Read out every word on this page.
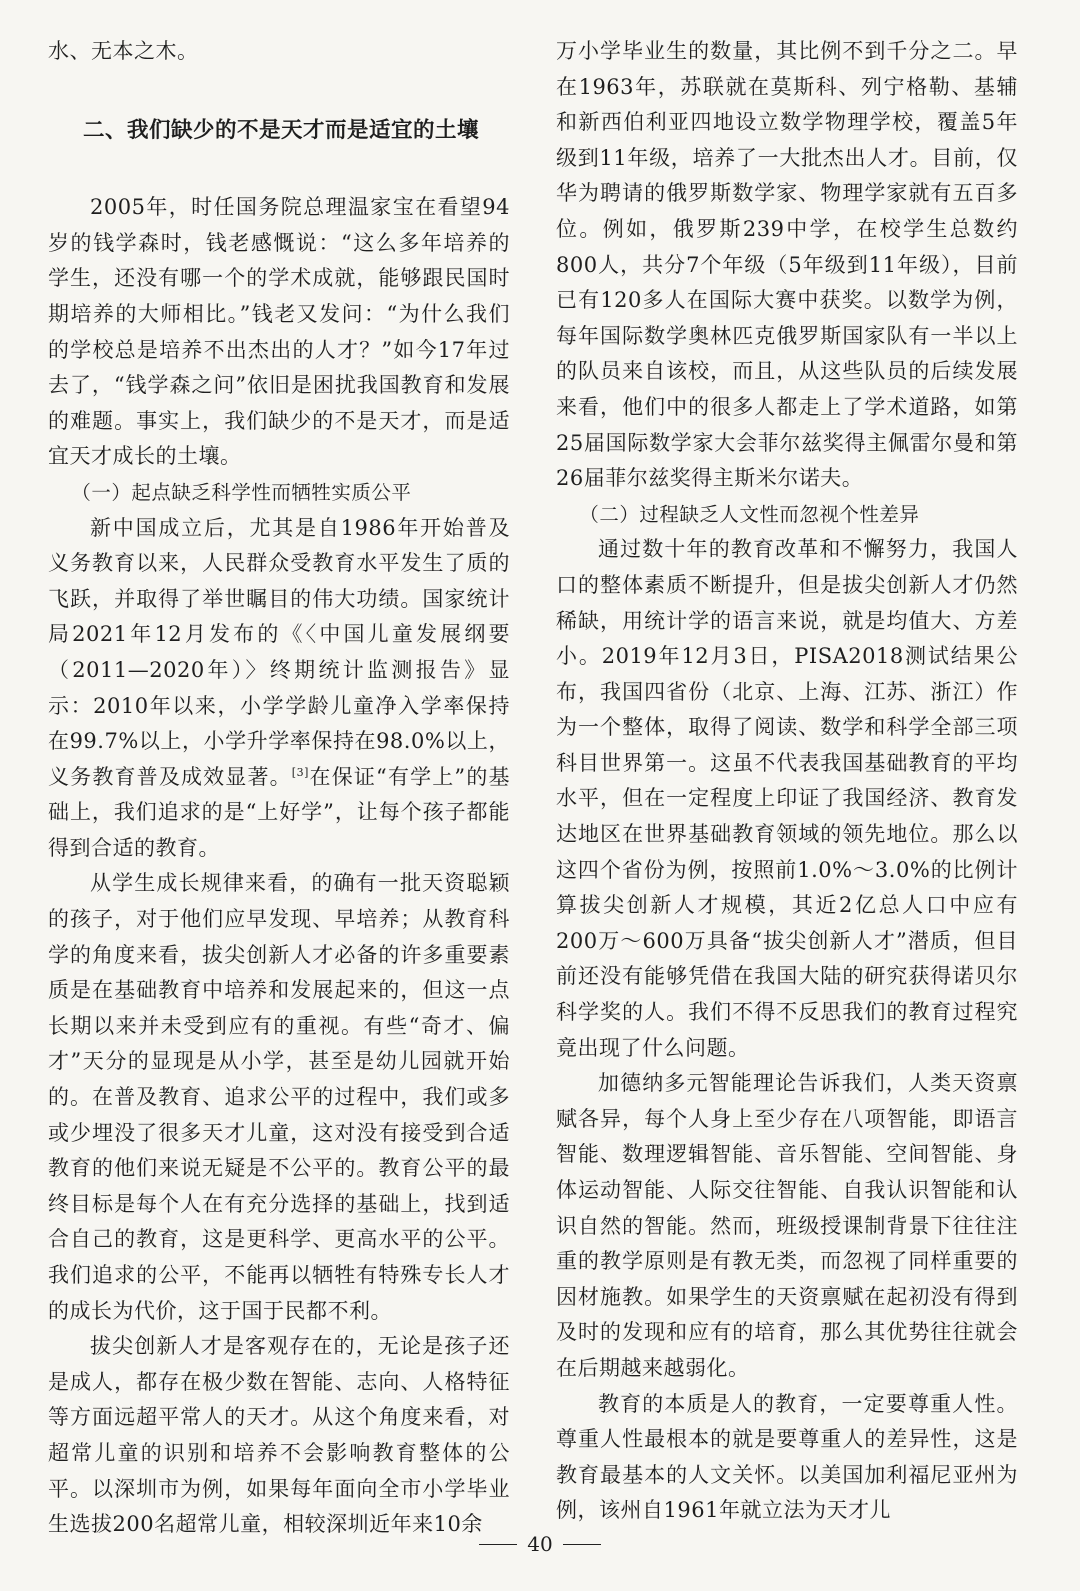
水、无本之木。

二、我们缺少的不是天才而是适宜的土壤

2005年，时任国务院总理温家宝在看望94岁的钱学森时，钱老感慨说：“这么多年培养的学生，还没有哪一个的学术成就，能够跟民国时期培养的大师相比。”钱老又发问：“为什么我们的学校总是培养不出杰出的人才？”如今17年过去了，“钱学森之问”依旧是困扰我国教育和发展的难题。事实上，我们缺少的不是天才，而是适宜天才成长的土壤。

（一）起点缺乏科学性而牺牲实质公平

新中国成立后，尤其是自1986年开始普及义务教育以来，人民群众受教育水平发生了质的飞跃，并取得了举世瞩目的伟大功绩。国家统计局2021年12月发布的《〈中国儿童发展纲要（2011—2020年）〉终期统计监测报告》显示：2010年以来，小学学龄儿童净入学率保持在99.7%以上，小学升学率保持在98.0%以上，义务教育普及成效显著。[3]在保证“有学上”的基础上，我们追求的是“上好学”，让每个孩子都能得到合适的教育。

从学生成长规律来看，的确有一批天资聪颖的孩子，对于他们应早发现、早培养；从教育科学的角度来看，拔尖创新人才必备的许多重要素质是在基础教育中培养和发展起来的，但这一点长期以来并未受到应有的重视。有些“奇才、偏才”天分的显现是从小学，甚至是幼儿园就开始的。在普及教育、追求公平的过程中，我们或多或少埋没了很多天才儿童，这对没有接受到合适教育的他们来说无疑是不公平的。教育公平的最终目标是每个人在有充分选择的基础上，找到适合自己的教育，这是更科学、更高水平的公平。我们追求的公平，不能再以牺牲有特殊专长人才的成长为代价，这于国于民都不利。

拔尖创新人才是客观存在的，无论是孩子还是成人，都存在极少数在智能、志向、人格特征等方面远超平常人的天才。从这个角度来看，对超常儿童的识别和培养不会影响教育整体的公平。以深圳市为例，如果每年面向全市小学毕业生选拔200名超常儿童，相较深圳近年来10余

万小学毕业生的数量，其比例不到千分之二。早在1963年，苏联就在莫斯科、列宁格勒、基辅和新西伯利亚四地设立数学物理学校，覆盖5年级到11年级，培养了一大批杰出人才。目前，仅华为聘请的俄罗斯数学家、物理学家就有五百多位。例如，俄罗斯239中学，在校学生总数约800人，共分7个年级（5年级到11年级），目前已有120多人在国际大赛中获奖。以数学为例，每年国际数学奥林匹克俄罗斯国家队有一半以上的队员来自该校，而且，从这些队员的后续发展来看，他们中的很多人都走上了学术道路，如第25届国际数学家大会菲尔兹奖得主佩雷尔曼和第26届菲尔兹奖得主斯米尔诺夫。

（二）过程缺乏人文性而忽视个性差异

通过数十年的教育改革和不懈努力，我国人口的整体素质不断提升，但是拔尖创新人才仍然稀缺，用统计学的语言来说，就是均值大、方差小。2019年12月3日，PISA2018测试结果公布，我国四省份（北京、上海、江苏、浙江）作为一个整体，取得了阅读、数学和科学全部三项科目世界第一。这虽不代表我国基础教育的平均水平，但在一定程度上印证了我国经济、教育发达地区在世界基础教育领域的领先地位。那么以这四个省份为例，按照前1.0%～3.0%的比例计算拔尖创新人才规模，其近2亿总人口中应有200万～600万具备“拔尖创新人才”潜质，但目前还没有能够凭借在我国大陆的研究获得诺贝尔科学奖的人。我们不得不反思我们的教育过程究竟出现了什么问题。

加德纳多元智能理论告诉我们，人类天资禀赋各异，每个人身上至少存在八项智能，即语言智能、数理逻辑智能、音乐智能、空间智能、身体运动智能、人际交往智能、自我认识智能和认识自然的智能。然而，班级授课制背景下往往注重的教学原则是有教无类，而忽视了同样重要的因材施教。如果学生的天资禀赋在起初没有得到及时的发现和应有的培育，那么其优势往往就会在后期越来越弱化。

教育的本质是人的教育，一定要尊重人性。尊重人性最根本的就是要尊重人的差异性，这是教育最基本的人文关怀。以美国加利福尼亚州为例，该州自1961年就立法为天才儿

40
